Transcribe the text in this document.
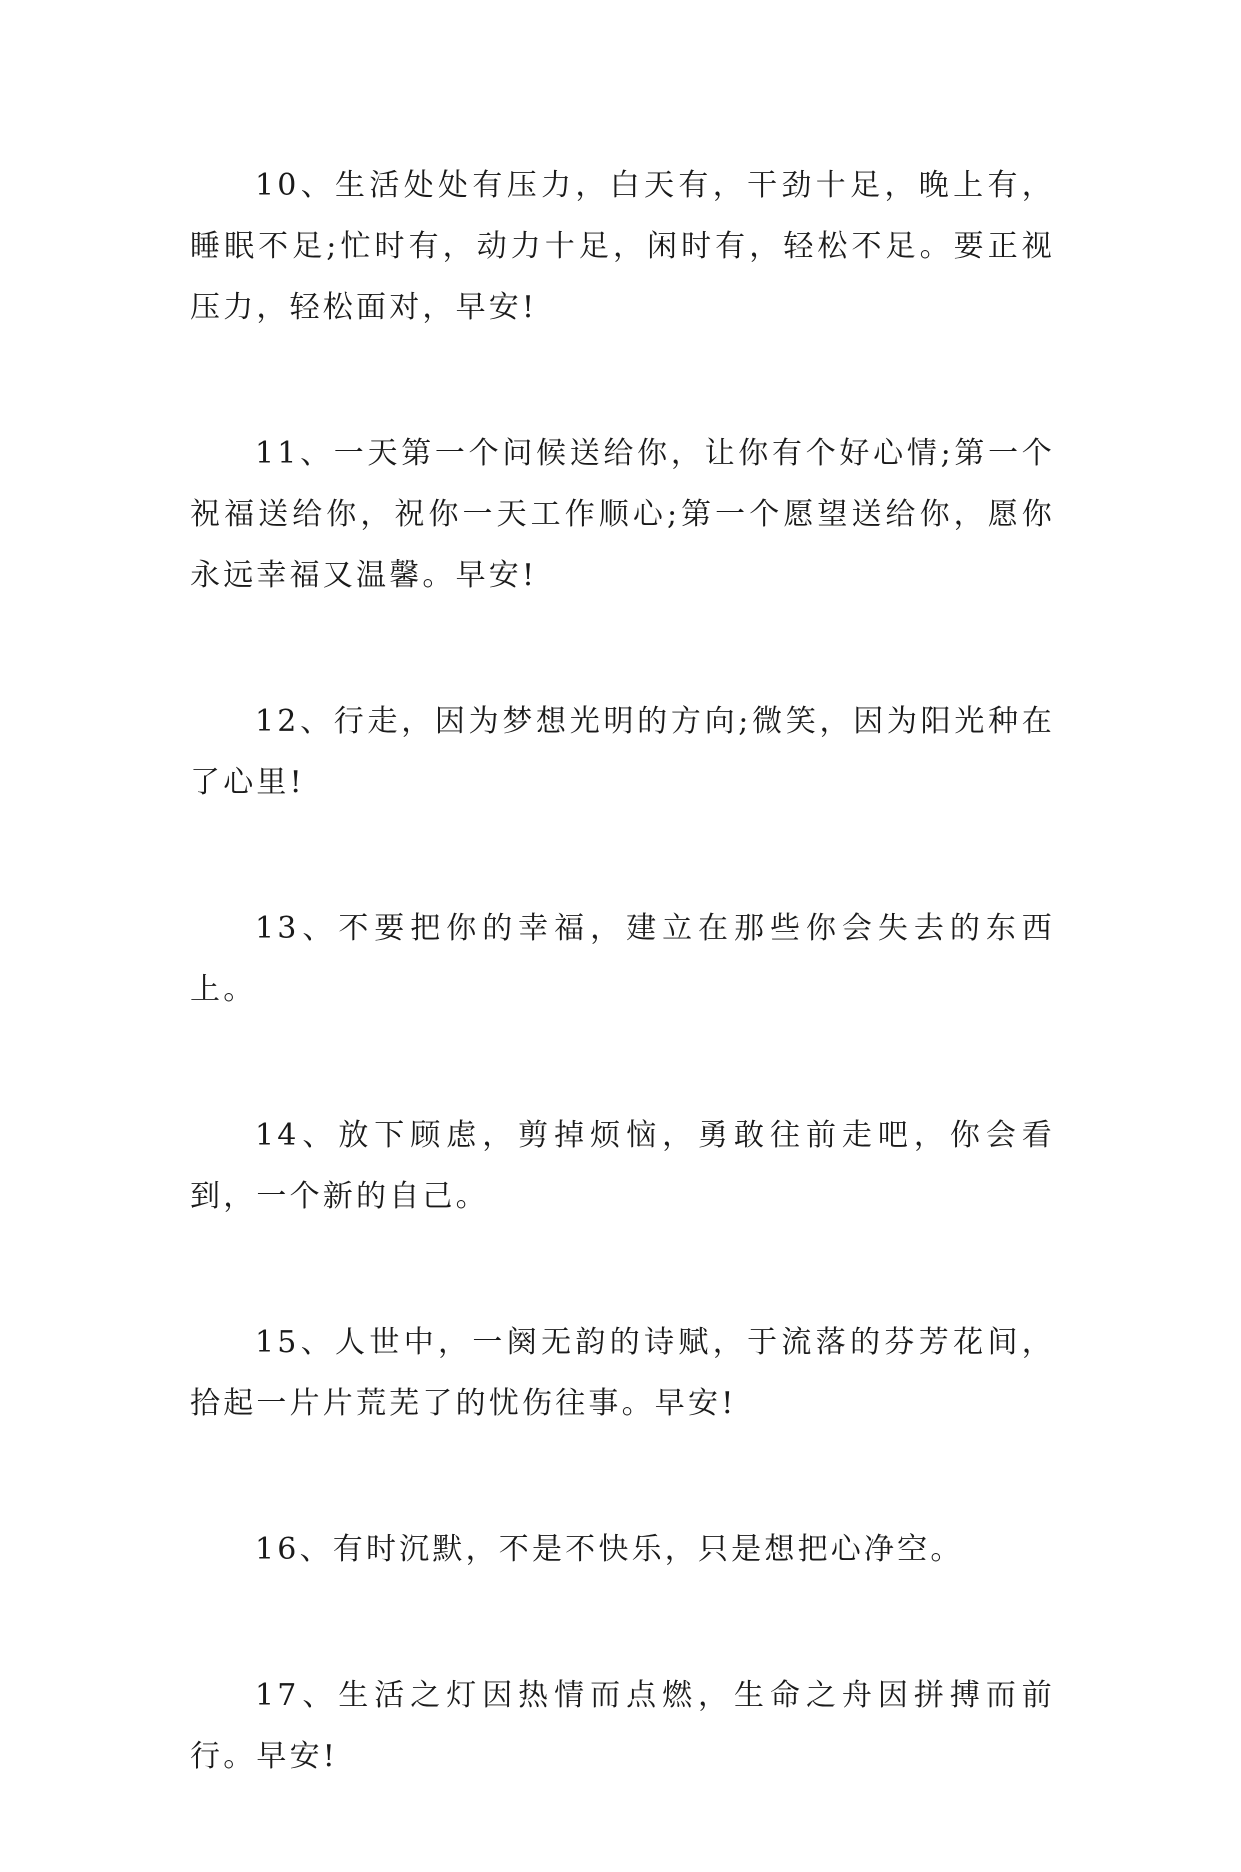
10、生活处处有压力，白天有，干劲十足，晚上有，睡眠不足;忙时有，动力十足，闲时有，轻松不足。要正视压力，轻松面对，早安!

11、一天第一个问候送给你，让你有个好心情;第一个祝福送给你，祝你一天工作顺心;第一个愿望送给你，愿你永远幸福又温馨。早安!

12、行走，因为梦想光明的方向;微笑，因为阳光种在了心里!

13、不要把你的幸福，建立在那些你会失去的东西上。

14、放下顾虑，剪掉烦恼，勇敢往前走吧，你会看到，一个新的自己。

15、人世中，一阕无韵的诗赋，于流落的芬芳花间，拾起一片片荒芜了的忧伤往事。早安!

16、有时沉默，不是不快乐，只是想把心净空。

17、生活之灯因热情而点燃，生命之舟因拼搏而前行。早安!
